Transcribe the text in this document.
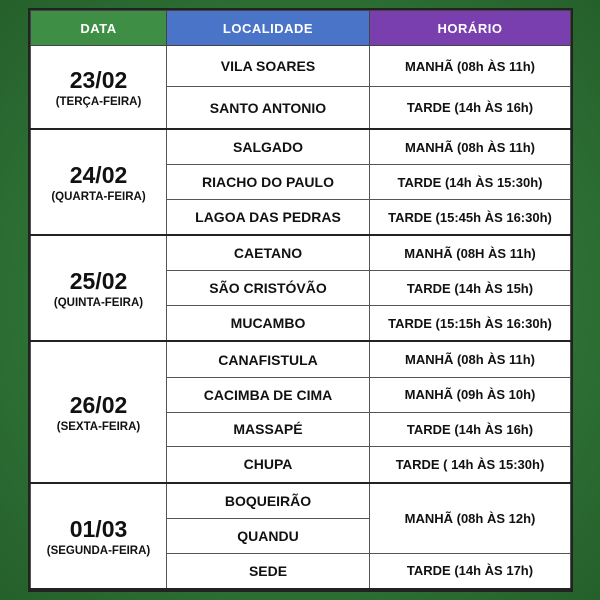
DATA	LOCALIDADE	HORÁRIO

23/02
(TERÇA-FEIRA)	VILA SOARES	MANHÃ (08h ÀS 11h)
	SANTO ANTONIO	TARDE (14h ÀS 16h)

24/02
(QUARTA-FEIRA)	SALGADO	MANHÃ (08h ÀS 11h)
	RIACHO DO PAULO	TARDE (14h ÀS 15:30h)
	LAGOA DAS PEDRAS	TARDE (15:45h ÀS 16:30h)

25/02
(QUINTA-FEIRA)	CAETANO	MANHÃ (08H ÀS 11h)
	SÃO CRISTÓVÃO	TARDE (14h ÀS 15h)
	MUCAMBO	TARDE (15:15h ÀS 16:30h)

26/02
(SEXTA-FEIRA)	CANAFISTULA	MANHÃ (08h ÀS 11h)
	CACIMBA DE CIMA	MANHÃ (09h ÀS 10h)
	MASSAPÉ	TARDE (14h ÀS 16h)
	CHUPA	TARDE ( 14h ÀS 15:30h)

01/03
(SEGUNDA-FEIRA)	BOQUEIRÃO	MANHÃ (08h ÀS 12h)
	QUANDU	
	SEDE	TARDE (14h ÀS 17h)
